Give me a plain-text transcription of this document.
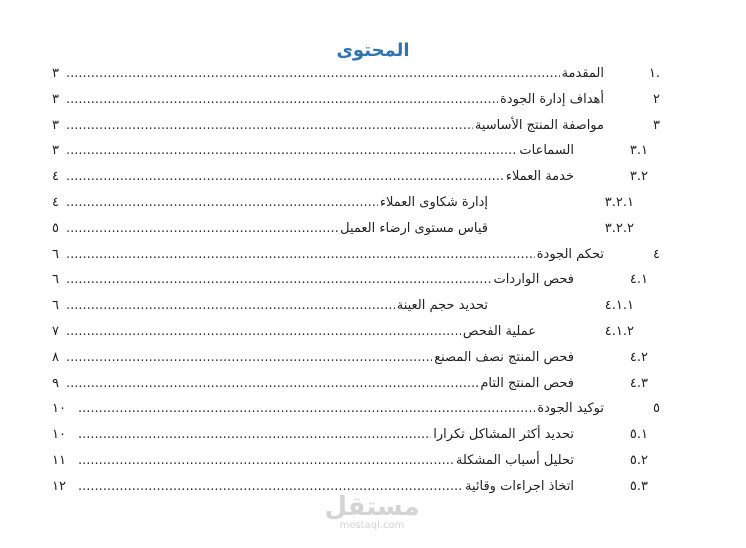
المحتوى
١.
المقدمة
.....
٣
٢
أهداف إدارة الجودة
.....
٣
٣
مواصفة المنتج الأساسية
.....
٣
٣.١
السماعات
.....
٣
٣.٢
خدمة العملاء
.....
٤
٣.٢.١
إدارة شكاوى العملاء
.....
٤
٣.٢.٢
قياس مستوى ارضاء العميل
.....
٥
٤
تحكم الجودة
.....
٦
٤.١
فحص الواردات
.....
٦
٤.١.١
تحديد حجم العينة
.....
٦
٤.١.٢
عملية الفحص
.....
٧
٤.٢
فحص المنتج نصف المصنع
.....
٨
٤.٣
فحص المنتج التام
.....
٩
٥
توكيد الجودة
.....
١٠
٥.١
تحديد أكثر المشاكل تكرارا
.....
١٠
٥.٢
تحليل أسباب المشكلة
.....
١١
٥.٣
اتخاذ اجراءات وقائية
.....
١٢
مستقل
mostaql.com
